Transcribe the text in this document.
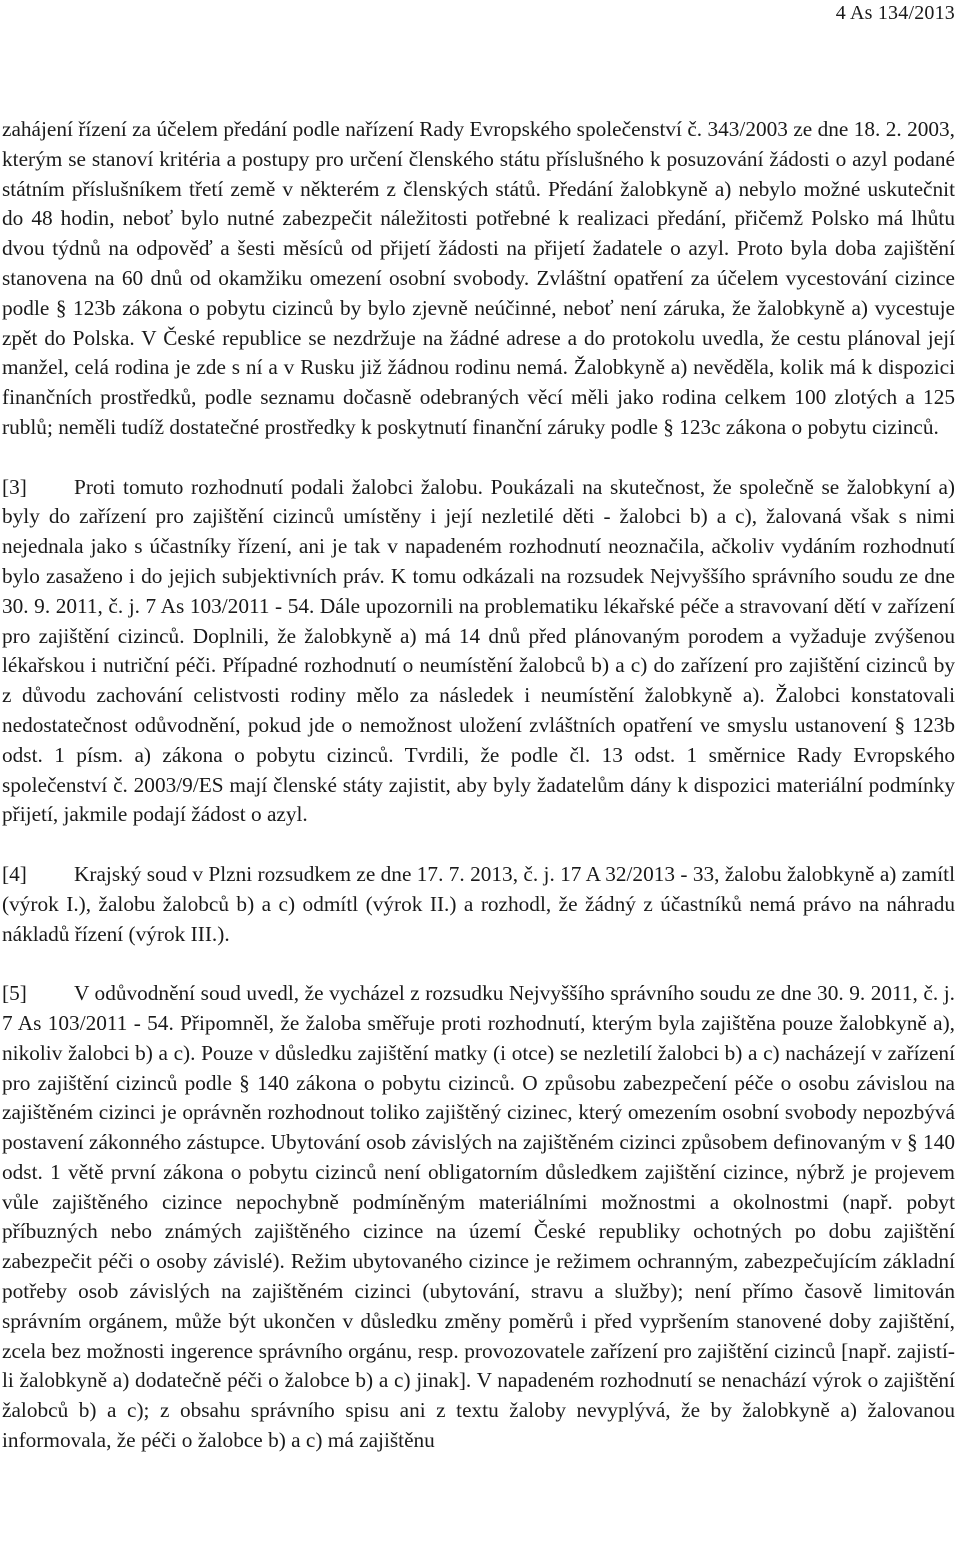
4 As 134/2013

zahájení řízení za účelem předání podle nařízení Rady Evropského společenství č. 343/2003 ze dne 18. 2. 2003, kterým se stanoví kritéria a postupy pro určení členského státu příslušného k posuzování žádosti o azyl podané státním příslušníkem třetí země v některém z členských států. Předání žalobkyně a) nebylo možné uskutečnit do 48 hodin, neboť bylo nutné zabezpečit náležitosti potřebné k realizaci předání, přičemž Polsko má lhůtu dvou týdnů na odpověď a šesti měsíců od přijetí žádosti na přijetí žadatele o azyl. Proto byla doba zajištění stanovena na 60 dnů od okamžiku omezení osobní svobody. Zvláštní opatření za účelem vycestování cizince podle § 123b zákona o pobytu cizinců by bylo zjevně neúčinné, neboť není záruka, že žalobkyně a) vycestuje zpět do Polska. V České republice se nezdržuje na žádné adrese a do protokolu uvedla, že cestu plánoval její manžel, celá rodina je zde s ní a v Rusku již žádnou rodinu nemá. Žalobkyně a) nevěděla, kolik má k dispozici finančních prostředků, podle seznamu dočasně odebraných věcí měli jako rodina celkem 100 zlotých a 125 rublů; neměli tudíž dostatečné prostředky k poskytnutí finanční záruky podle § 123c zákona o pobytu cizinců.

[3] Proti tomuto rozhodnutí podali žalobci žalobu. Poukázali na skutečnost, že společně se žalobkyní a) byly do zařízení pro zajištění cizinců umístěny i její nezletilé děti - žalobci b) a c), žalovaná však s nimi nejednala jako s účastníky řízení, ani je tak v napadeném rozhodnutí neoznačila, ačkoliv vydáním rozhodnutí bylo zasaženo i do jejich subjektivních práv. K tomu odkázali na rozsudek Nejvyššího správního soudu ze dne 30. 9. 2011, č. j. 7 As 103/2011 - 54. Dále upozornili na problematiku lékařské péče a stravovaní dětí v zařízení pro zajištění cizinců. Doplnili, že žalobkyně a) má 14 dnů před plánovaným porodem a vyžaduje zvýšenou lékařskou i nutriční péči. Případné rozhodnutí o neumístění žalobců b) a c) do zařízení pro zajištění cizinců by z důvodu zachování celistvosti rodiny mělo za následek i neumístění žalobkyně a). Žalobci konstatovali nedostatečnost odůvodnění, pokud jde o nemožnost uložení zvláštních opatření ve smyslu ustanovení § 123b odst. 1 písm. a) zákona o pobytu cizinců. Tvrdili, že podle čl. 13 odst. 1 směrnice Rady Evropského společenství č. 2003/9/ES mají členské státy zajistit, aby byly žadatelům dány k dispozici materiální podmínky přijetí, jakmile podají žádost o azyl.

[4] Krajský soud v Plzni rozsudkem ze dne 17. 7. 2013, č. j. 17 A 32/2013 - 33, žalobu žalobkyně a) zamítl (výrok I.), žalobu žalobců b) a c) odmítl (výrok II.) a rozhodl, že žádný z účastníků nemá právo na náhradu nákladů řízení (výrok III.).

[5] V odůvodnění soud uvedl, že vycházel z rozsudku Nejvyššího správního soudu ze dne 30. 9. 2011, č. j. 7 As 103/2011 - 54. Připomněl, že žaloba směřuje proti rozhodnutí, kterým byla zajištěna pouze žalobkyně a), nikoliv žalobci b) a c). Pouze v důsledku zajištění matky (i otce) se nezletilí žalobci b) a c) nacházejí v zařízení pro zajištění cizinců podle § 140 zákona o pobytu cizinců. O způsobu zabezpečení péče o osobu závislou na zajištěném cizinci je oprávněn rozhodnout toliko zajištěný cizinec, který omezením osobní svobody nepozbývá postavení zákonného zástupce. Ubytování osob závislých na zajištěném cizinci způsobem definovaným v § 140 odst. 1 větě první zákona o pobytu cizinců není obligatorním důsledkem zajištění cizince, nýbrž je projevem vůle zajištěného cizince nepochybně podmíněným materiálními možnostmi a okolnostmi (např. pobyt příbuzných nebo známých zajištěného cizince na území České republiky ochotných po dobu zajištění zabezpečit péči o osoby závislé). Režim ubytovaného cizince je režimem ochranným, zabezpečujícím základní potřeby osob závislých na zajištěném cizinci (ubytování, stravu a služby); není přímo časově limitován správním orgánem, může být ukončen v důsledku změny poměrů i před vypršením stanovené doby zajištění, zcela bez možnosti ingerence správního orgánu, resp. provozovatele zařízení pro zajištění cizinců [např. zajistí-li žalobkyně a) dodatečně péči o žalobce b) a c) jinak]. V napadeném rozhodnutí se nenachází výrok o zajištění žalobců b) a c); z obsahu správního spisu ani z textu žaloby nevyplývá, že by žalobkyně a) žalovanou informovala, že péči o žalobce b) a c) má zajištěnu
